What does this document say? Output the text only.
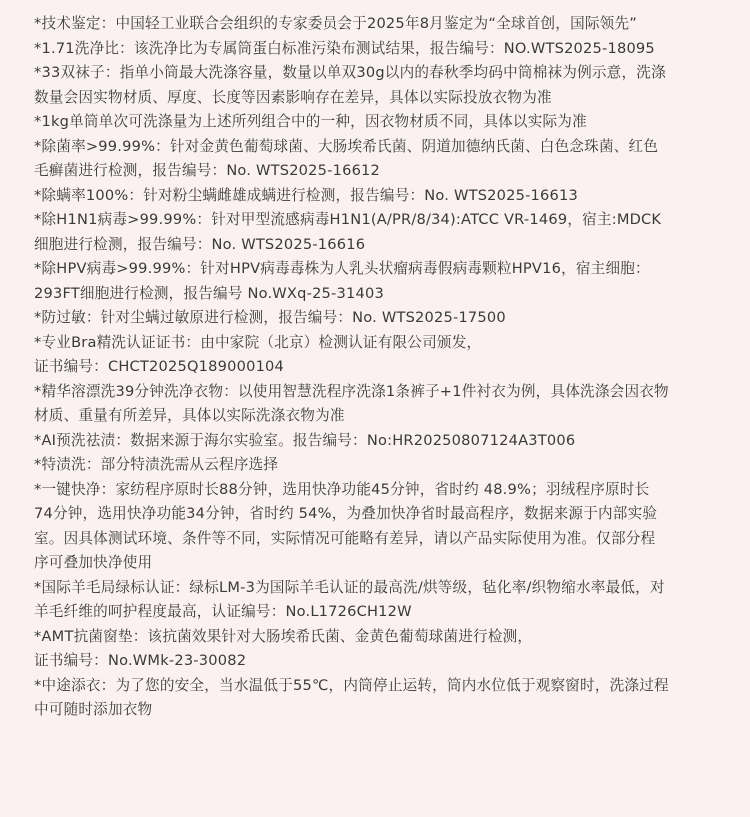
*技术鉴定：中国轻工业联合会组织的专家委员会于2025年8月鉴定为“全球首创，国际领先”
*1.71洗净比：该洗净比为专属筒蛋白标准污染布测试结果，报告编号：NO.WTS2025-18095
*33双袜子：指单小筒最大洗涤容量，数量以单双30g以内的春秋季均码中筒棉袜为例示意，洗涤
数量会因实物材质、厚度、长度等因素影响存在差异，具体以实际投放衣物为准
*1kg单筒单次可洗涤量为上述所列组合中的一种，因衣物材质不同，具体以实际为准
*除菌率>99.99%：针对金黄色葡萄球菌、大肠埃希氏菌、阴道加德纳氏菌、白色念珠菌、红色
毛癣菌进行检测，报告编号：No. WTS2025-16612
*除螨率100%：针对粉尘螨雌雄成螨进行检测，报告编号：No. WTS2025-16613
*除H1N1病毒>99.99%：针对甲型流感病毒H1N1(A/PR/8/34):ATCC VR-1469，宿主:MDCK
细胞进行检测，报告编号：No. WTS2025-16616
*除HPV病毒>99.99%：针对HPV病毒毒株为人乳头状瘤病毒假病毒颗粒HPV16，宿主细胞：
293FT细胞进行检测，报告编号 No.WXq-25-31403
*防过敏：针对尘螨过敏原进行检测，报告编号：No. WTS2025-17500
*专业Bra精洗认证证书：由中家院（北京）检测认证有限公司颁发，
证书编号：CHCT2025Q189000104
*精华溶漂洗39分钟洗净衣物：以使用智慧洗程序洗涤1条裤子+1件衬衣为例，具体洗涤会因衣物
材质、重量有所差异，具体以实际洗涤衣物为准
*AI预洗祛渍：数据来源于海尔实验室。报告编号：No:HR20250807124A3T006
*特渍洗：部分特渍洗需从云程序选择
*一键快净：家纺程序原时长88分钟，选用快净功能45分钟，省时约 48.9%；羽绒程序原时长
74分钟，选用快净功能34分钟，省时约 54%，为叠加快净省时最高程序，数据来源于内部实验
室。因具体测试环境、条件等不同，实际情况可能略有差异，请以产品实际使用为准。仅部分程
序可叠加快净使用
*国际羊毛局绿标认证：绿标LM-3为国际羊毛认证的最高洗/烘等级，毡化率/织物缩水率最低，对
羊毛纤维的呵护程度最高，认证编号：No.L1726CH12W
*AMT抗菌窗垫：该抗菌效果针对大肠埃希氏菌、金黄色葡萄球菌进行检测，
证书编号：No.WMk-23-30082
*中途添衣：为了您的安全，当水温低于55℃，内筒停止运转，筒内水位低于观察窗时，洗涤过程
中可随时添加衣物
